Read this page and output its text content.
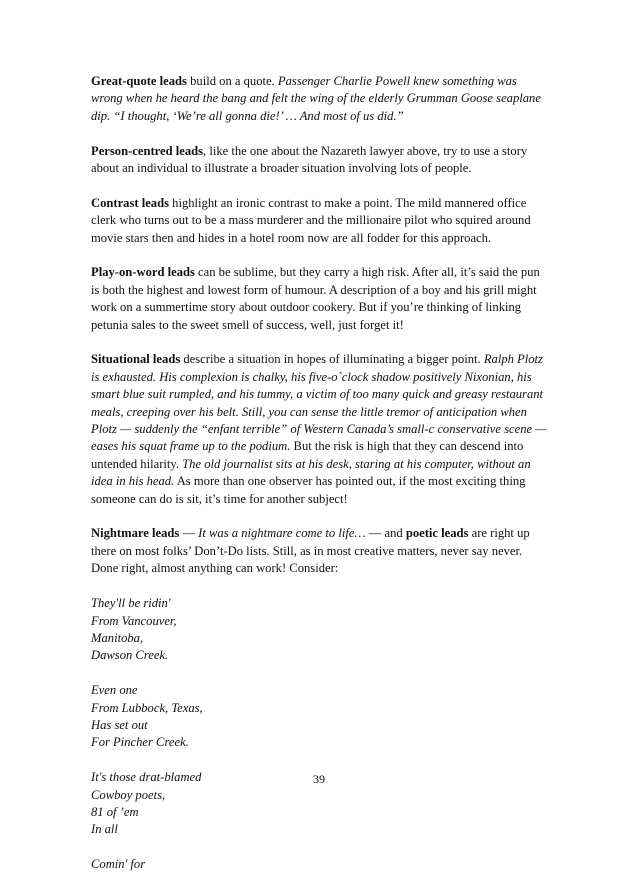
Great-quote leads build on a quote. Passenger Charlie Powell knew something was wrong when he heard the bang and felt the wing of the elderly Grumman Goose seaplane dip. “I thought, ‘We’re all gonna die!’ … And most of us did.”

Person-centred leads, like the one about the Nazareth lawyer above, try to use a story about an individual to illustrate a broader situation involving lots of people.

Contrast leads highlight an ironic contrast to make a point. The mild mannered office clerk who turns out to be a mass murderer and the millionaire pilot who squired around movie stars then and hides in a hotel room now are all fodder for this approach.

Play-on-word leads can be sublime, but they carry a high risk. After all, it’s said the pun is both the highest and lowest form of humour. A description of a boy and his grill might work on a summertime story about outdoor cookery. But if you’re thinking of linking petunia sales to the sweet smell of success, well, just forget it!

Situational leads describe a situation in hopes of illuminating a bigger point. Ralph Plotz is exhausted. His complexion is chalky, his five-o`clock shadow positively Nixonian, his smart blue suit rumpled, and his tummy, a victim of too many quick and greasy restaurant meals, creeping over his belt. Still, you can sense the little tremor of anticipation when Plotz — suddenly the “enfant terrible” of Western Canada’s small-c conservative scene — eases his squat frame up to the podium. But the risk is high that they can descend into untended hilarity. The old journalist sits at his desk, staring at his computer, without an idea in his head. As more than one observer has pointed out, if the most exciting thing someone can do is sit, it’s time for another subject!

Nightmare leads — It was a nightmare come to life… — and poetic leads are right up there on most folks’ Don’t-Do lists. Still, as in most creative matters, never say never. Done right, almost anything can work! Consider:

They'll be ridin'
From Vancouver,
Manitoba,
Dawson Creek.
Even one
From Lubbock, Texas,
Has set out
For Pincher Creek.
It's those drat-blamed
Cowboy poets,
81 of ’em
In all
Comin' for
39
